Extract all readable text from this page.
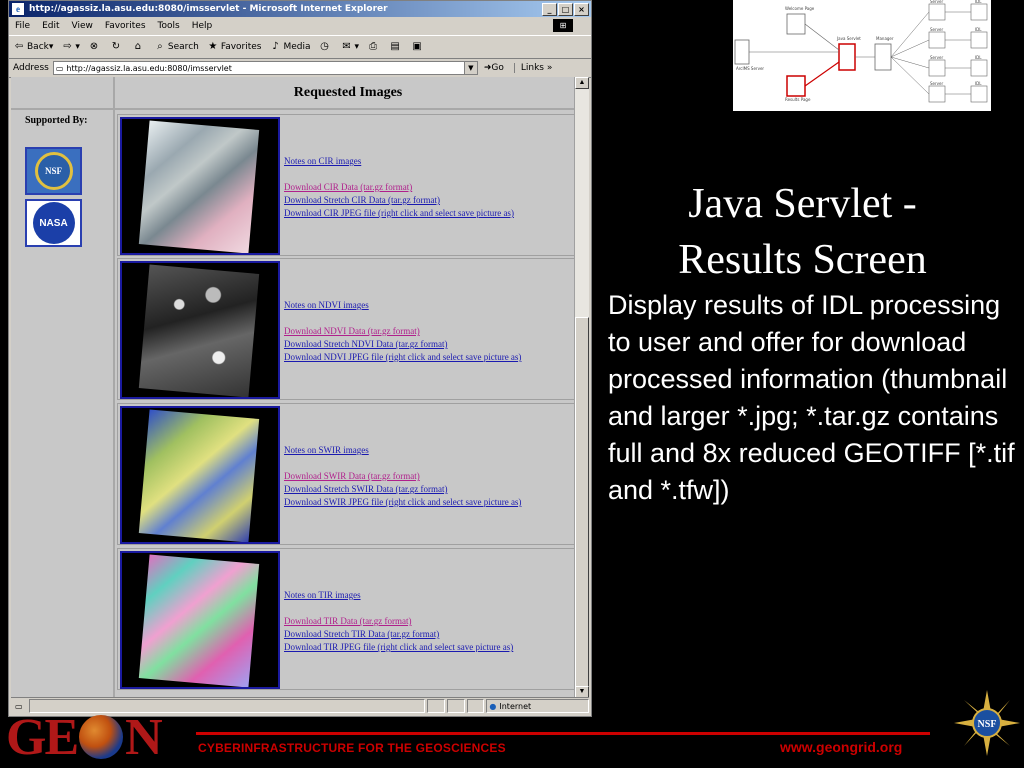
e	http://agassiz.la.asu.edu:8080/imsservlet - Microsoft Internet Explorer	_	□	×
File Edit View Favorites Tools Help	⊞
⇦ Back ▾ ⇨ ▾ ⊗ ↻ ⌂	⌕ Search ★ Favorites ♪ Media ◷ ✉ ▾ ⎙ ▤ ▣
Address ▭ http://agassiz.la.asu.edu:8080/imsservlet	▼	➜Go	Links »
Supported By:
NSF
NASA
Requested Images
Notes on CIR images
Download CIR Data (tar.gz format)
Download Stretch CIR Data (tar.gz format)
Download CIR JPEG file (right click and select save picture as)
Notes on NDVI images
Download NDVI Data (tar.gz format)
Download Stretch NDVI Data (tar.gz format)
Download NDVI JPEG file (right click and select save picture as)
Notes on SWIR images
Download SWIR Data (tar.gz format)
Download Stretch SWIR Data (tar.gz format)
Download SWIR JPEG file (right click and select save picture as)
Notes on TIR images
Download TIR Data (tar.gz format)
Download Stretch TIR Data (tar.gz format)
Download TIR JPEG file (right click and select save picture as)
▲
▼
▭	● Internet
ArcIMS Server
Welcome Page
Results Page
Java Servlet	Manager
Server
Server
Server
Server
IDL
IDL
IDL
IDL
Java Servlet -
Results Screen
Display results of IDL processing to user and offer for download processed information (thumbnail and larger *.jpg; *.tar.gz contains full and 8x reduced GEOTIFF [*.tif and *.tfw])
GE N	CYBERINFRASTRUCTURE FOR THE GEOSCIENCES	www.geongrid.org
NSF
